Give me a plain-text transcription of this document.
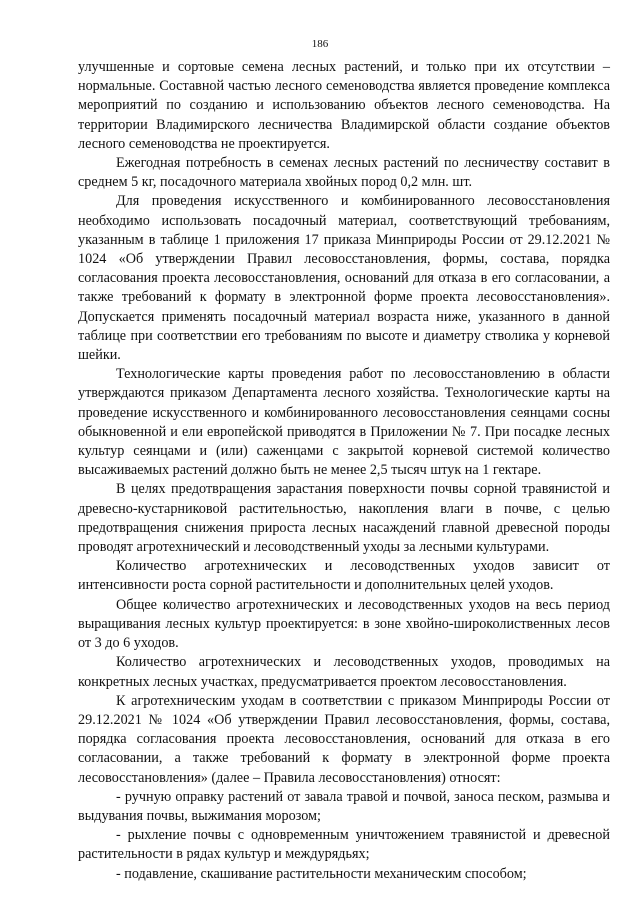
186

улучшенные и сортовые семена лесных растений, и только при их отсутствии – нормальные. Составной частью лесного семеноводства является проведение комплекса мероприятий по созданию и использованию объектов лесного семеноводства. На территории Владимирского лесничества Владимирской области создание объектов лесного семеноводства не проектируется.

Ежегодная потребность в семенах лесных растений по лесничеству составит в среднем 5 кг, посадочного материала хвойных пород 0,2 млн. шт.

Для проведения искусственного и комбинированного лесовосстановления необходимо использовать посадочный материал, соответствующий требованиям, указанным в таблице 1 приложения 17 приказа Минприроды России от 29.12.2021 № 1024 «Об утверждении Правил лесовосстановления, формы, состава, порядка согласования проекта лесовосстановления, оснований для отказа в его согласовании, а также требований к формату в электронной форме проекта лесовосстановления». Допускается применять посадочный материал возраста ниже, указанного в данной таблице при соответствии его требованиям по высоте и диаметру стволика у корневой шейки.

Технологические карты проведения работ по лесовосстановлению в области утверждаются приказом Департамента лесного хозяйства. Технологические карты на проведение искусственного и комбинированного лесовосстановления сеянцами сосны обыкновенной и ели европейской приводятся в Приложении № 7. При посадке лесных культур сеянцами и (или) саженцами с закрытой корневой системой количество высаживаемых растений должно быть не менее 2,5 тысяч штук на 1 гектаре.

В целях предотвращения зарастания поверхности почвы сорной травянистой и древесно-кустарниковой растительностью, накопления влаги в почве, с целью предотвращения снижения прироста лесных насаждений главной древесной породы проводят агротехнический и лесоводственный уходы за лесными культурами.

Количество агротехнических и лесоводственных уходов зависит от интенсивности роста сорной растительности и дополнительных целей уходов.

Общее количество агротехнических и лесоводственных уходов на весь период выращивания лесных культур проектируется: в зоне хвойно-широколиственных лесов от 3 до 6 уходов.

Количество агротехнических и лесоводственных уходов, проводимых на конкретных лесных участках, предусматривается проектом лесовосстановления.

К агротехническим уходам в соответствии с приказом Минприроды России от 29.12.2021 № 1024 «Об утверждении Правил лесовосстановления, формы, состава, порядка согласования проекта лесовосстановления, оснований для отказа в его согласовании, а также требований к формату в электронной форме проекта лесовосстановления» (далее – Правила лесовосстановления) относят:

- ручную оправку растений от завала травой и почвой, заноса песком, размыва и выдувания почвы, выжимания морозом;

- рыхление почвы с одновременным уничтожением травянистой и древесной растительности в рядах культур и междурядьях;

- подавление, скашивание растительности механическим способом;
